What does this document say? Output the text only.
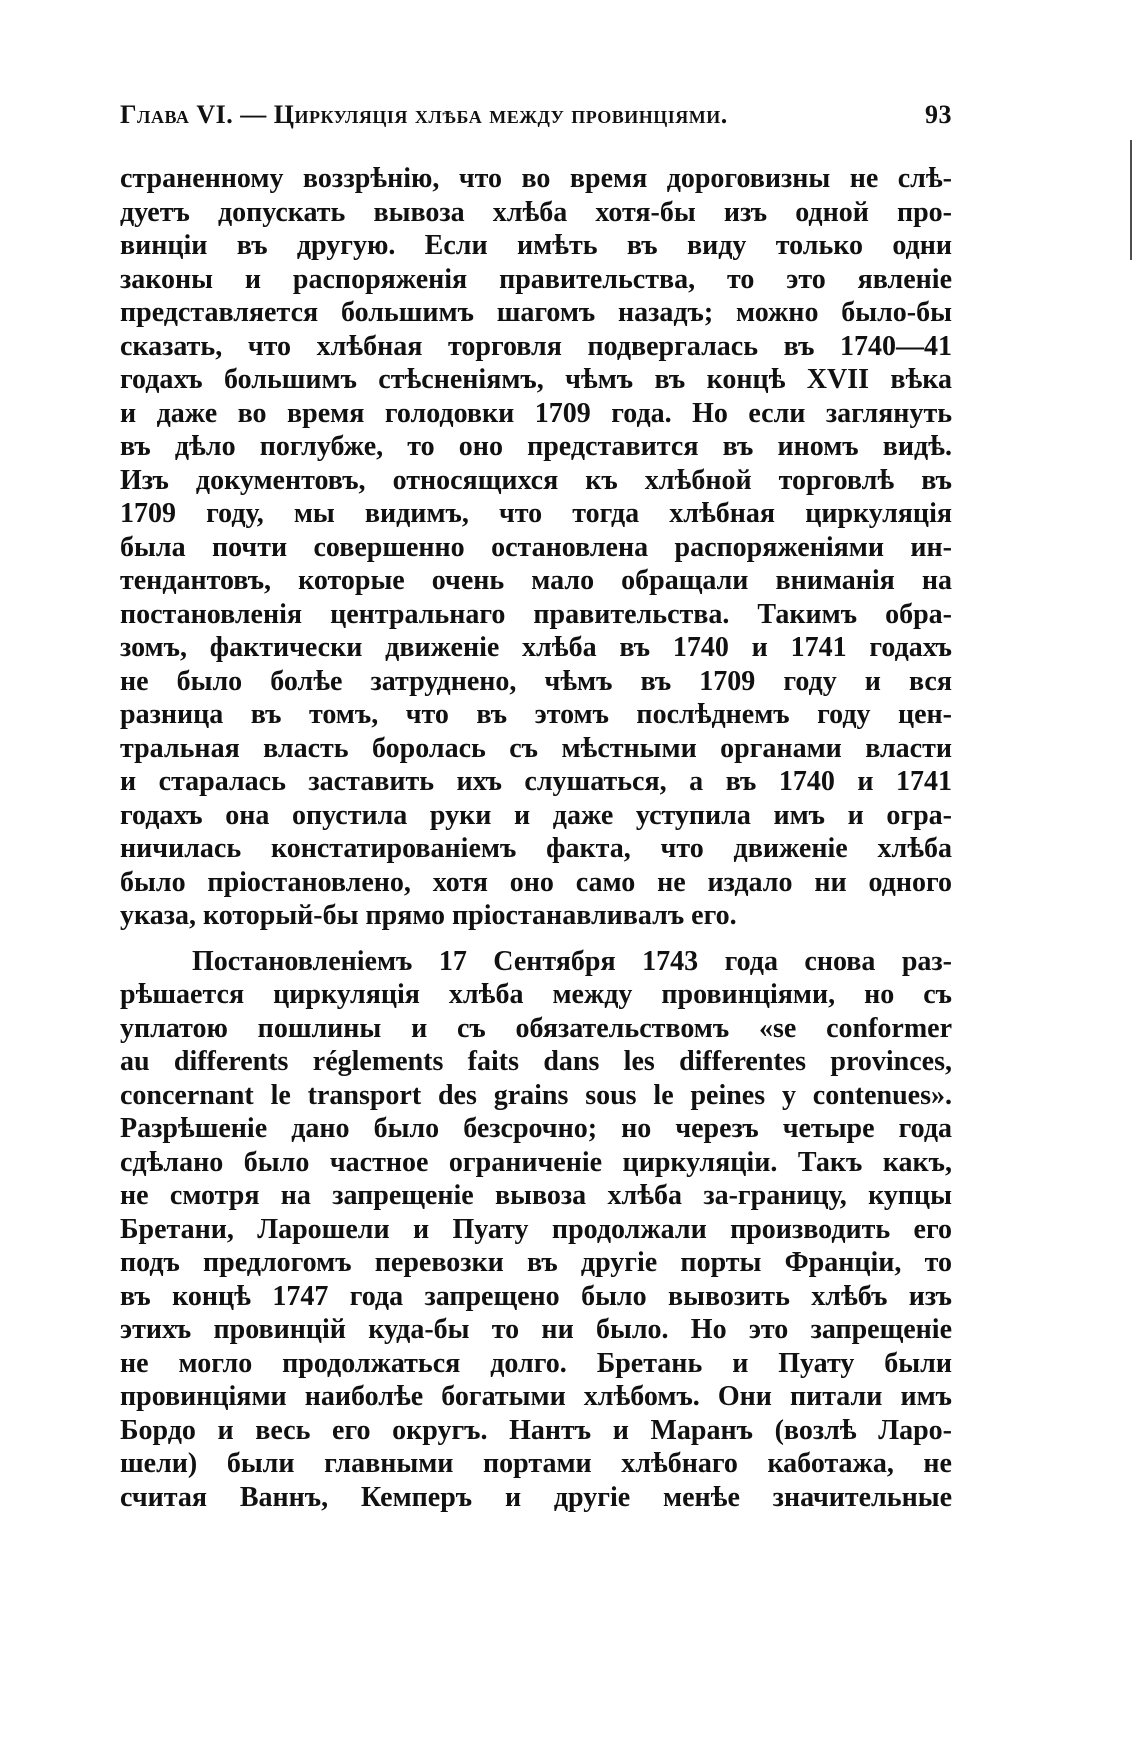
Глава VI. — Циркуляція хлѣба между провинціями.	93
страненному воззрѣнію, что во время дороговизны не слѣ-
дуетъ допускать вывоза хлѣба хотя-бы изъ одной про-
винціи въ другую. Если имѣть въ виду только одни
законы и распоряженія правительства, то это явленіе
представляется большимъ шагомъ назадъ; можно было-бы
сказать, что хлѣбная торговля подвергалась въ 1740—41
годахъ большимъ стѣсненіямъ, чѣмъ въ концѣ XVII вѣка
и даже во время голодовки 1709 года. Но если заглянуть
въ дѣло поглубже, то оно представится въ иномъ видѣ.
Изъ документовъ, относящихся къ хлѣбной торговлѣ въ
1709 году, мы видимъ, что тогда хлѣбная циркуляція
была почти совершенно остановлена распоряженіями ин-
тендантовъ, которые очень мало обращали вниманія на
постановленія центральнаго правительства. Такимъ обра-
зомъ, фактически движеніе хлѣба въ 1740 и 1741 годахъ
не было болѣе затруднено, чѣмъ въ 1709 году и вся
разница въ томъ, что въ этомъ послѣднемъ году цен-
тральная власть боролась съ мѣстными органами власти
и старалась заставить ихъ слушаться, а въ 1740 и 1741
годахъ она опустила руки и даже уступила имъ и огра-
ничилась констатированіемъ факта, что движеніе хлѣба
было пріостановлено, хотя оно само не издало ни одного
указа, который-бы прямо пріостанавливалъ его.
Постановленіемъ 17 Сентября 1743 года снова раз-
рѣшается циркуляція хлѣба между провинціями, но съ
уплатою пошлины и съ обязательствомъ «se conformer
au differents réglements faits dans les differentes provinces,
concernant le transport des grains sous le peines y contenues».
Разрѣшеніе дано было безсрочно; но черезъ четыре года
сдѣлано было частное ограниченіе циркуляціи. Такъ какъ,
не смотря на запрещеніе вывоза хлѣба за-границу, купцы
Бретани, Ларошели и Пуату продолжали производить его
подъ предлогомъ перевозки въ другіе порты Франціи, то
въ концѣ 1747 года запрещено было вывозить хлѣбъ изъ
этихъ провинцій куда-бы то ни было. Но это запрещеніе
не могло продолжаться долго. Бретань и Пуату были
провинціями наиболѣе богатыми хлѣбомъ. Они питали имъ
Бордо и весь его округъ. Нантъ и Маранъ (возлѣ Ларо-
шели) были главными портами хлѣбнаго каботажа, не
считая Ваннъ, Кемперъ и другіе менѣе значительные
